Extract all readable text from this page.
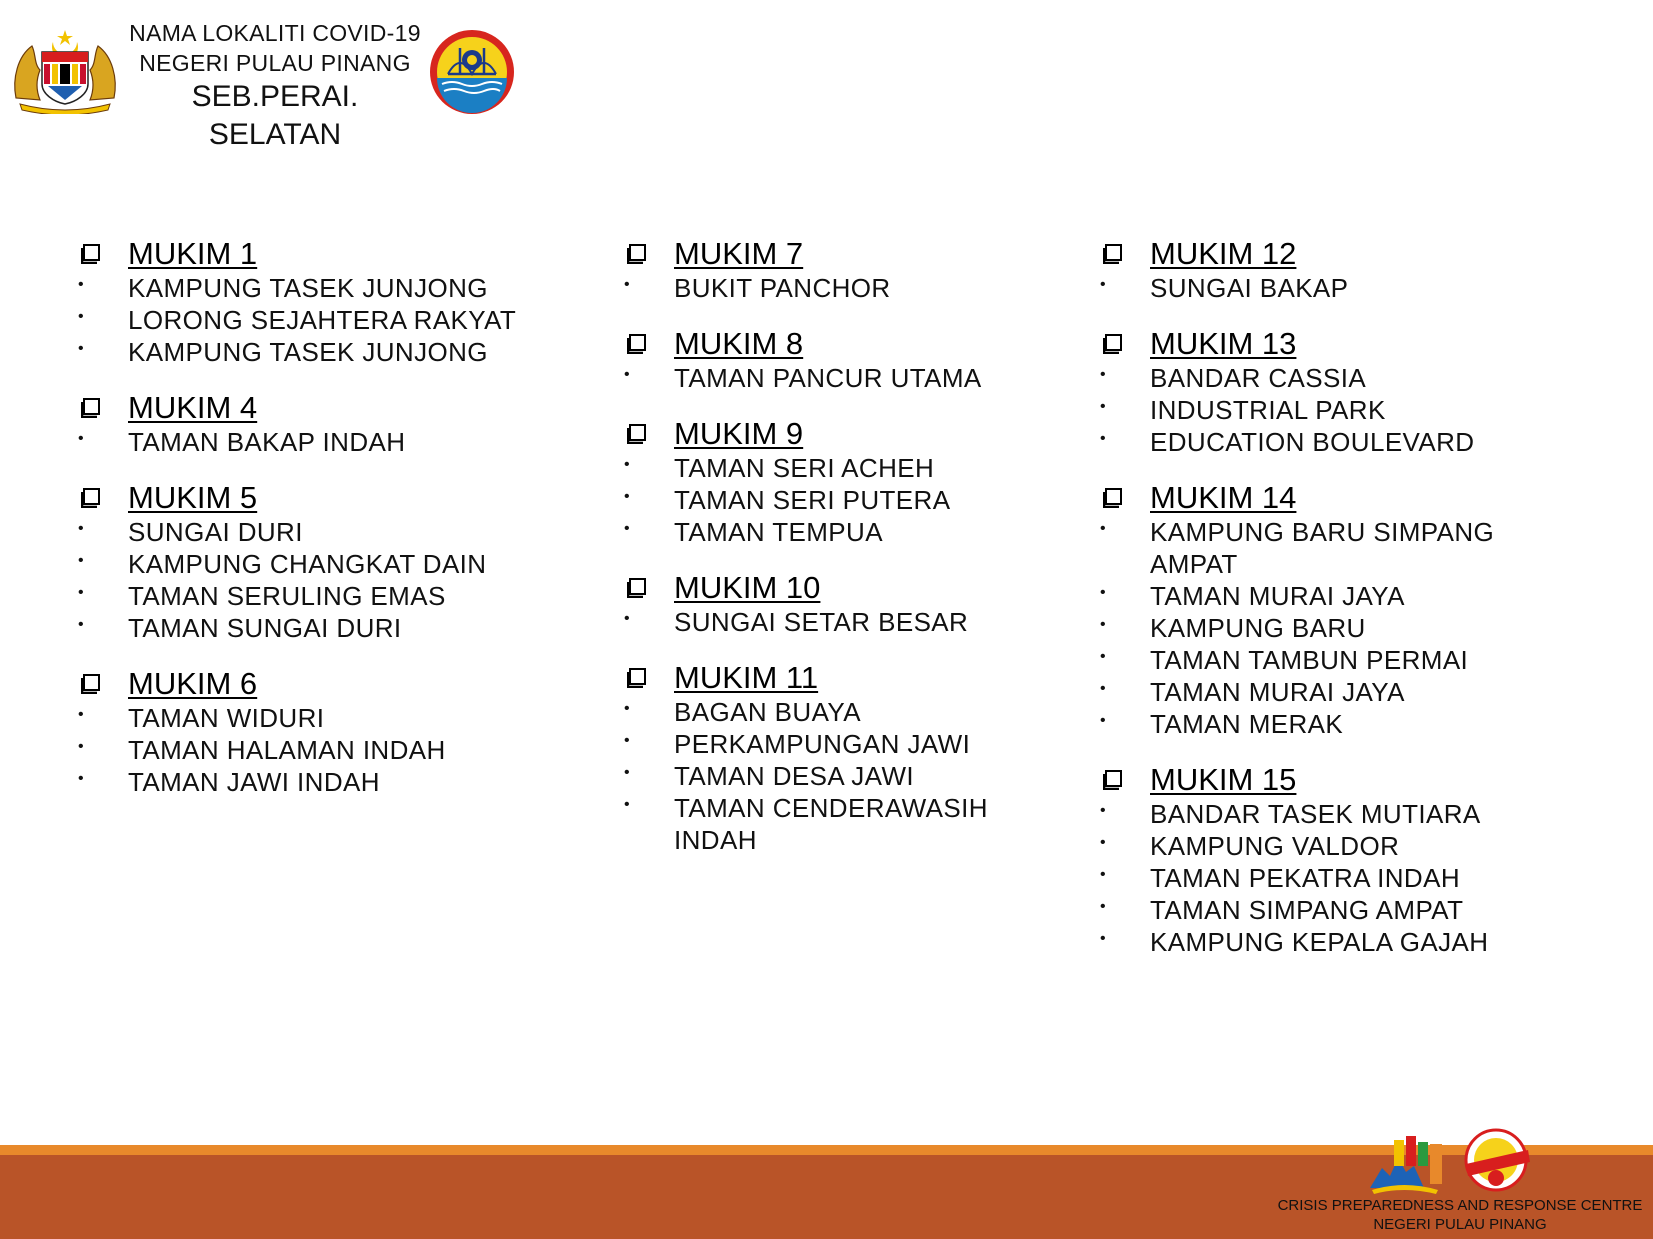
NAMA LOKALITI COVID-19
NEGERI PULAU PINANG
SEB.PERAI. SELATAN
MUKIM 1
• KAMPUNG TASEK JUNJONG
• LORONG SEJAHTERA RAKYAT
• KAMPUNG TASEK JUNJONG
MUKIM 4
• TAMAN BAKAP INDAH
MUKIM 5
• SUNGAI DURI
• KAMPUNG CHANGKAT DAIN
• TAMAN SERULING EMAS
• TAMAN SUNGAI DURI
MUKIM 6
• TAMAN WIDURI
• TAMAN HALAMAN INDAH
• TAMAN JAWI INDAH
MUKIM 7
• BUKIT PANCHOR
MUKIM 8
• TAMAN PANCUR UTAMA
MUKIM 9
• TAMAN SERI ACHEH
• TAMAN SERI PUTERA
• TAMAN TEMPUA
MUKIM 10
• SUNGAI SETAR BESAR
MUKIM 11
• BAGAN BUAYA
• PERKAMPUNGAN JAWI
• TAMAN DESA JAWI
• TAMAN CENDERAWASIH INDAH
MUKIM 12
• SUNGAI BAKAP
MUKIM 13
• BANDAR CASSIA
• INDUSTRIAL PARK
• EDUCATION BOULEVARD
MUKIM 14
• KAMPUNG BARU SIMPANG AMPAT
• TAMAN MURAI JAYA
• KAMPUNG BARU
• TAMAN TAMBUN PERMAI
• TAMAN MURAI JAYA
• TAMAN MERAK
MUKIM 15
• BANDAR TASEK MUTIARA
• KAMPUNG VALDOR
• TAMAN PEKATRA INDAH
• TAMAN SIMPANG AMPAT
• KAMPUNG KEPALA GAJAH
CRISIS PREPAREDNESS AND RESPONSE CENTRE
NEGERI PULAU PINANG
